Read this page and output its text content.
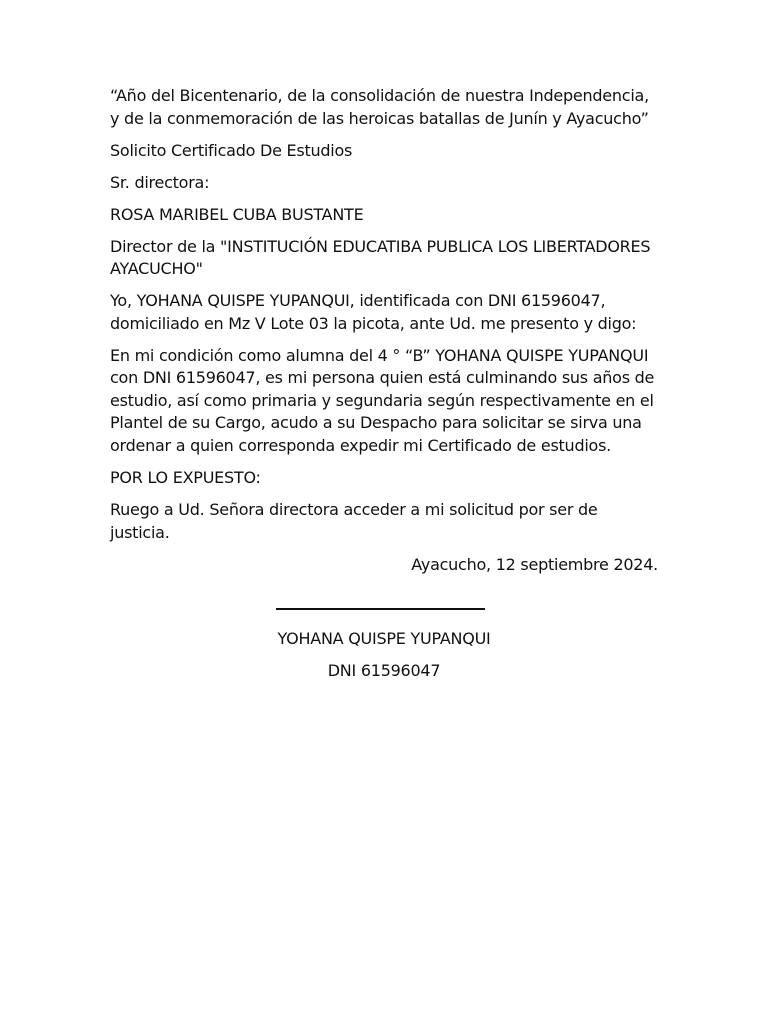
“Año del Bicentenario, de la consolidación de nuestra Independencia, y de la conmemoración de las heroicas batallas de Junín y Ayacucho”

Solicito Certificado De Estudios

Sr. directora:

ROSA MARIBEL CUBA BUSTANTE

Director de la "INSTITUCIÓN EDUCATIBA PUBLICA LOS LIBERTADORES AYACUCHO"

Yo, YOHANA QUISPE YUPANQUI, identificada con DNI 61596047, domiciliado en Mz V Lote 03 la picota, ante Ud. me presento y digo:

En mi condición como alumna del 4 ° “B” YOHANA QUISPE YUPANQUI con DNI 61596047, es mi persona quien está culminando sus años de estudio, así como primaria y segundaria según respectivamente en el Plantel de su Cargo, acudo a su Despacho para solicitar se sirva una ordenar a quien corresponda expedir mi Certificado de estudios.

POR LO EXPUESTO:

Ruego a Ud. Señora directora acceder a mi solicitud por ser de justicia.

Ayacucho, 12 septiembre 2024.

YOHANA QUISPE YUPANQUI
DNI 61596047
